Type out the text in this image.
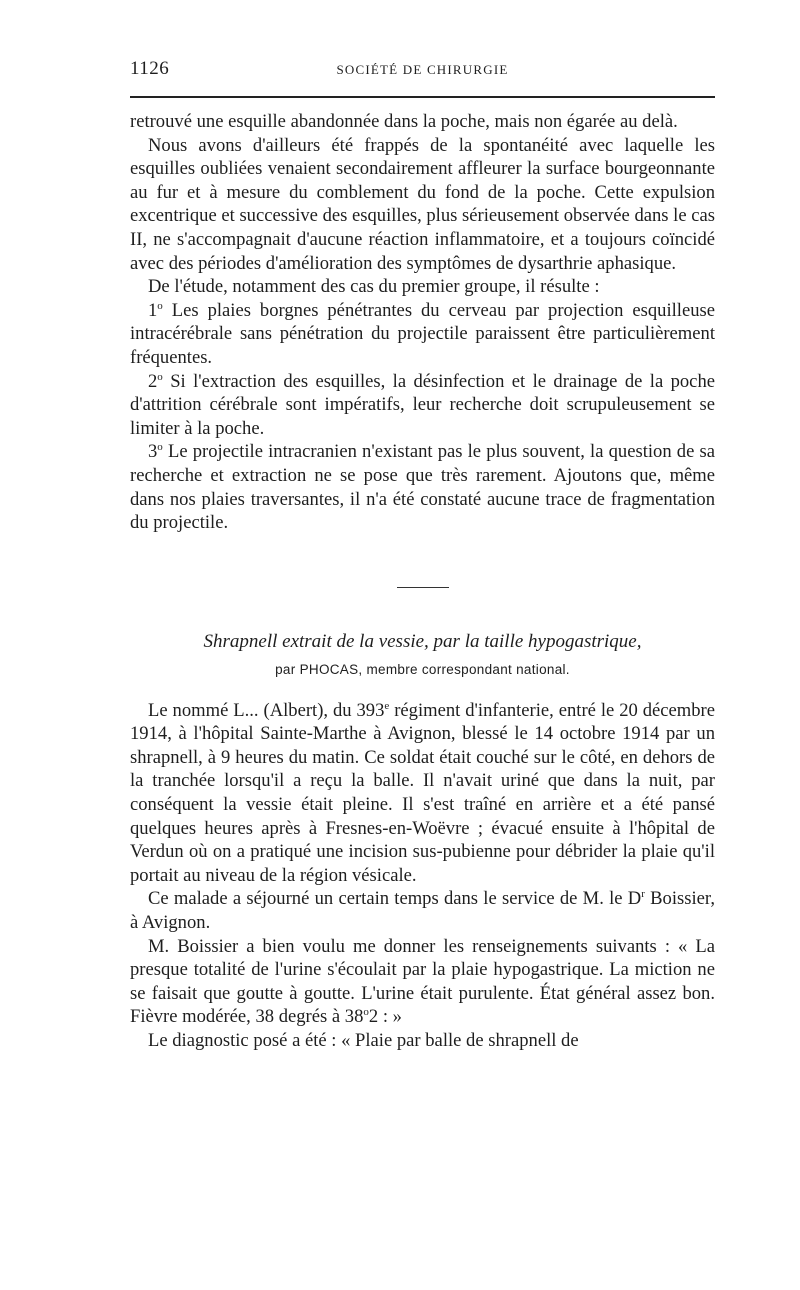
1126	SOCIÉTÉ DE CHIRURGIE

retrouvé une esquille abandonnée dans la poche, mais non égarée au delà.

Nous avons d'ailleurs été frappés de la spontanéité avec laquelle les esquilles oubliées venaient secondairement affleurer la surface bourgeonnante au fur et à mesure du comblement du fond de la poche. Cette expulsion excentrique et successive des esquilles, plus sérieusement observée dans le cas II, ne s'accompagnait d'aucune réaction inflammatoire, et a toujours coïncidé avec des périodes d'amélioration des symptômes de dysarthrie aphasique.

De l'étude, notamment des cas du premier groupe, il résulte :

1$^o$ Les plaies borgnes pénétrantes du cerveau par projection esquilleuse intracérébrale sans pénétration du projectile paraissent être particulièrement fréquentes.

2$^o$ Si l'extraction des esquilles, la désinfection et le drainage de la poche d'attrition cérébrale sont impératifs, leur recherche doit scrupuleusement se limiter à la poche.

3$^o$ Le projectile intracranien n'existant pas le plus souvent, la question de sa recherche et extraction ne se pose que très rarement. Ajoutons que, même dans nos plaies traversantes, il n'a été constaté aucune trace de fragmentation du projectile.

Shrapnell extrait de la vessie, par la taille hypogastrique,
par PHOCAS, membre correspondant national.

Le nommé L... (Albert), du 393e régiment d'infanterie, entré le 20 décembre 1914, à l'hôpital Sainte-Marthe à Avignon, blessé le 14 octobre 1914 par un shrapnell, à 9 heures du matin. Ce soldat était couché sur le côté, en dehors de la tranchée lorsqu'il a reçu la balle. Il n'avait uriné que dans la nuit, par conséquent la vessie était pleine. Il s'est traîné en arrière et a été pansé quelques heures après à Fresnes-en-Woëvre ; évacué ensuite à l'hôpital de Verdun où on a pratiqué une incision sus-pubienne pour débrider la plaie qu'il portait au niveau de la région vésicale.

Ce malade a séjourné un certain temps dans le service de M. le $D^r$ Boissier, à Avignon.

M. Boissier a bien voulu me donner les renseignements suivants : « La presque totalité de l'urine s'écoulait par la plaie hypogastrique. La miction ne se faisait que goutte à goutte. L'urine était purulente. État général assez bon. Fièvre modérée, 38 degrés à 38$^o$2 : »

Le diagnostic posé a été : « Plaie par balle de shrapnell de
